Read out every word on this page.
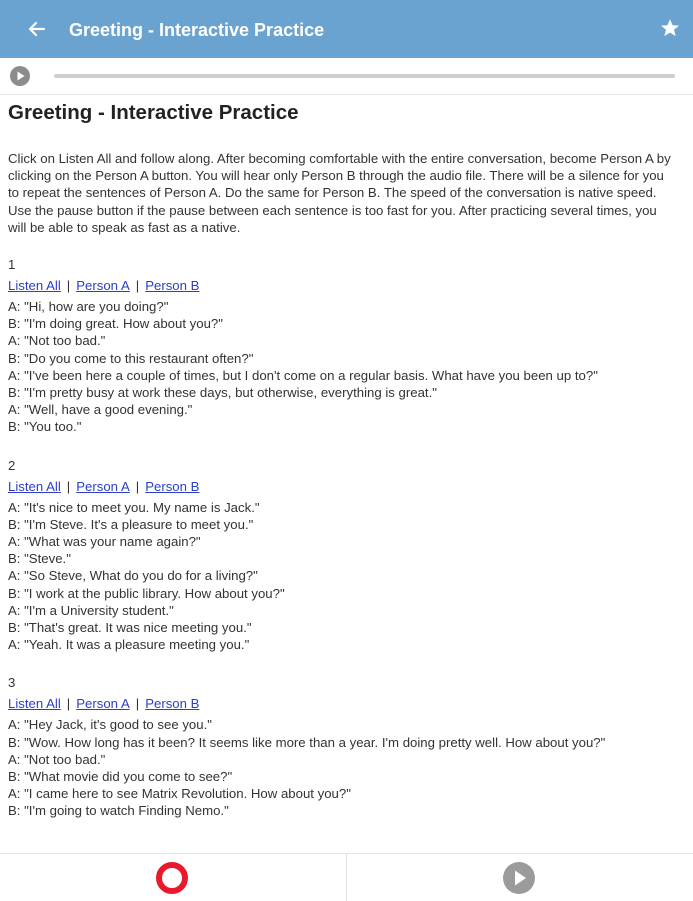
Greeting - Interactive Practice
Greeting - Interactive Practice
Click on Listen All and follow along. After becoming comfortable with the entire conversation, become Person A by clicking on the Person A button. You will hear only Person B through the audio file. There will be a silence for you to repeat the sentences of Person A. Do the same for Person B. The speed of the conversation is native speed. Use the pause button if the pause between each sentence is too fast for you. After practicing several times, you will be able to speak as fast as a native.
1
Listen All | Person A | Person B
A: "Hi, how are you doing?"
B: "I'm doing great. How about you?"
A: "Not too bad."
B: "Do you come to this restaurant often?"
A: "I've been here a couple of times, but I don't come on a regular basis. What have you been up to?"
B: "I'm pretty busy at work these days, but otherwise, everything is great."
A: "Well, have a good evening."
B: "You too."
2
Listen All | Person A | Person B
A: "It's nice to meet you. My name is Jack."
B: "I'm Steve. It's a pleasure to meet you."
A: "What was your name again?"
B: "Steve."
A: "So Steve, What do you do for a living?"
B: "I work at the public library. How about you?"
A: "I'm a University student."
B: "That's great. It was nice meeting you."
A: "Yeah. It was a pleasure meeting you."
3
Listen All | Person A | Person B
A: "Hey Jack, it's good to see you."
B: "Wow. How long has it been? It seems like more than a year. I'm doing pretty well. How about you?"
A: "Not too bad."
B: "What movie did you come to see?"
A: "I came here to see Matrix Revolution. How about you?"
B: "I'm going to watch Finding Nemo."
